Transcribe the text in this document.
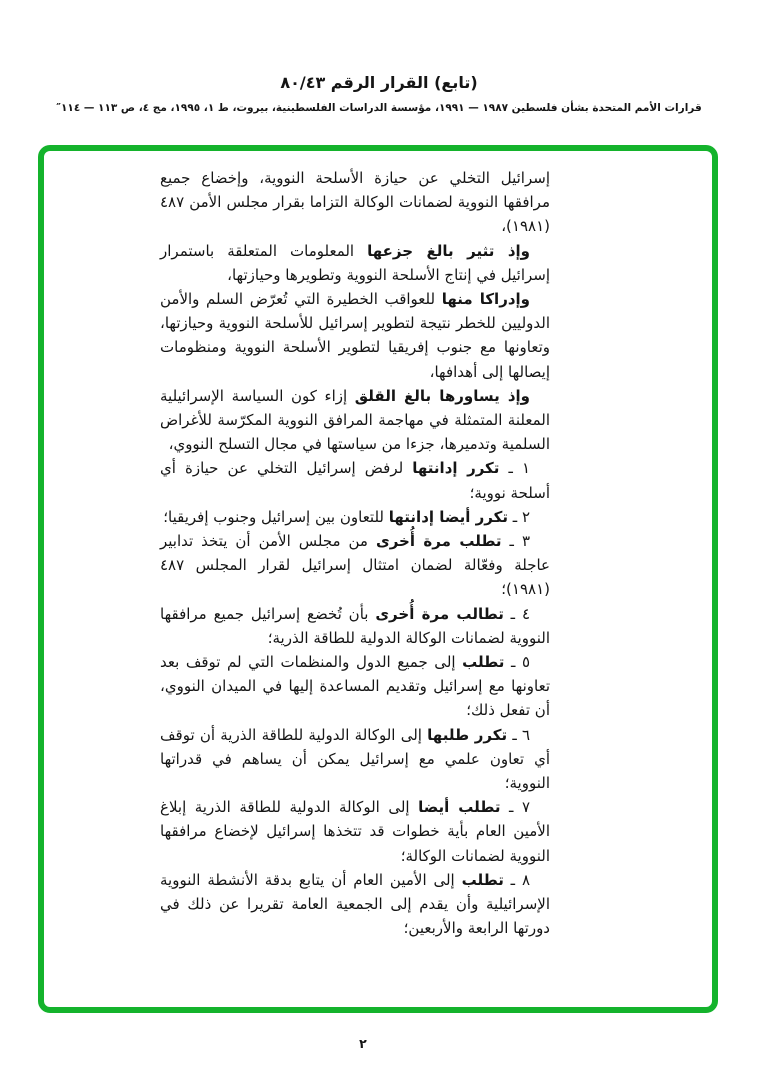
(تابع) القرار الرقم ٨٠/٤٣
قرارات الأمم المتحدة بشأن فلسطين ١٩٨٧ — ١٩٩١، مؤسسة الدراسات الفلسطينية، بيروت، ط ١، ١٩٩٥، مج ٤، ص ١١٣ — ١١٤″

إسرائيل التخلي عن حيازة الأسلحة النووية، وإخضاع جميع مرافقها النووية لضمانات الوكالة التزاما بقرار مجلس الأمن ٤٨٧ (١٩٨١)،

وإذ تثير بالغ جزعها المعلومات المتعلقة باستمرار إسرائيل في إنتاج الأسلحة النووية وتطويرها وحيازتها،

وإدراكا منها للعواقب الخطيرة التي تُعرّض السلم والأمن الدوليين للخطر نتيجة لتطوير إسرائيل للأسلحة النووية وحيازتها، وتعاونها مع جنوب إفريقيا لتطوير الأسلحة النووية ومنظومات إيصالها إلى أهدافها،

وإذ يساورها بالغ القلق إزاء كون السياسة الإسرائيلية المعلنة المتمثلة في مهاجمة المرافق النووية المكرّسة للأغراض السلمية وتدميرها، جزءا من سياستها في مجال التسلح النووي،

١ ـ تكرر إدانتها لرفض إسرائيل التخلي عن حيازة أي أسلحة نووية؛

٢ ـ تكرر أيضا إدانتها للتعاون بين إسرائيل وجنوب إفريقيا؛

٣ ـ تطلب مرة أُخرى من مجلس الأمن أن يتخذ تدابير عاجلة وفعّالة لضمان امتثال إسرائيل لقرار المجلس ٤٨٧ (١٩٨١)؛

٤ ـ تطالب مرة أُخرى بأن تُخضع إسرائيل جميع مرافقها النووية لضمانات الوكالة الدولية للطاقة الذرية؛

٥ ـ تطلب إلى جميع الدول والمنظمات التي لم توقف بعد تعاونها مع إسرائيل وتقديم المساعدة إليها في الميدان النووي، أن تفعل ذلك؛

٦ ـ تكرر طلبها إلى الوكالة الدولية للطاقة الذرية أن توقف أي تعاون علمي مع إسرائيل يمكن أن يساهم في قدراتها النووية؛

٧ ـ تطلب أيضا إلى الوكالة الدولية للطاقة الذرية إبلاغ الأمين العام بأية خطوات قد تتخذها إسرائيل لإخضاع مرافقها النووية لضمانات الوكالة؛

٨ ـ تطلب إلى الأمين العام أن يتابع بدقة الأنشطة النووية الإسرائيلية وأن يقدم إلى الجمعية العامة تقريرا عن ذلك في دورتها الرابعة والأربعين؛

٢
